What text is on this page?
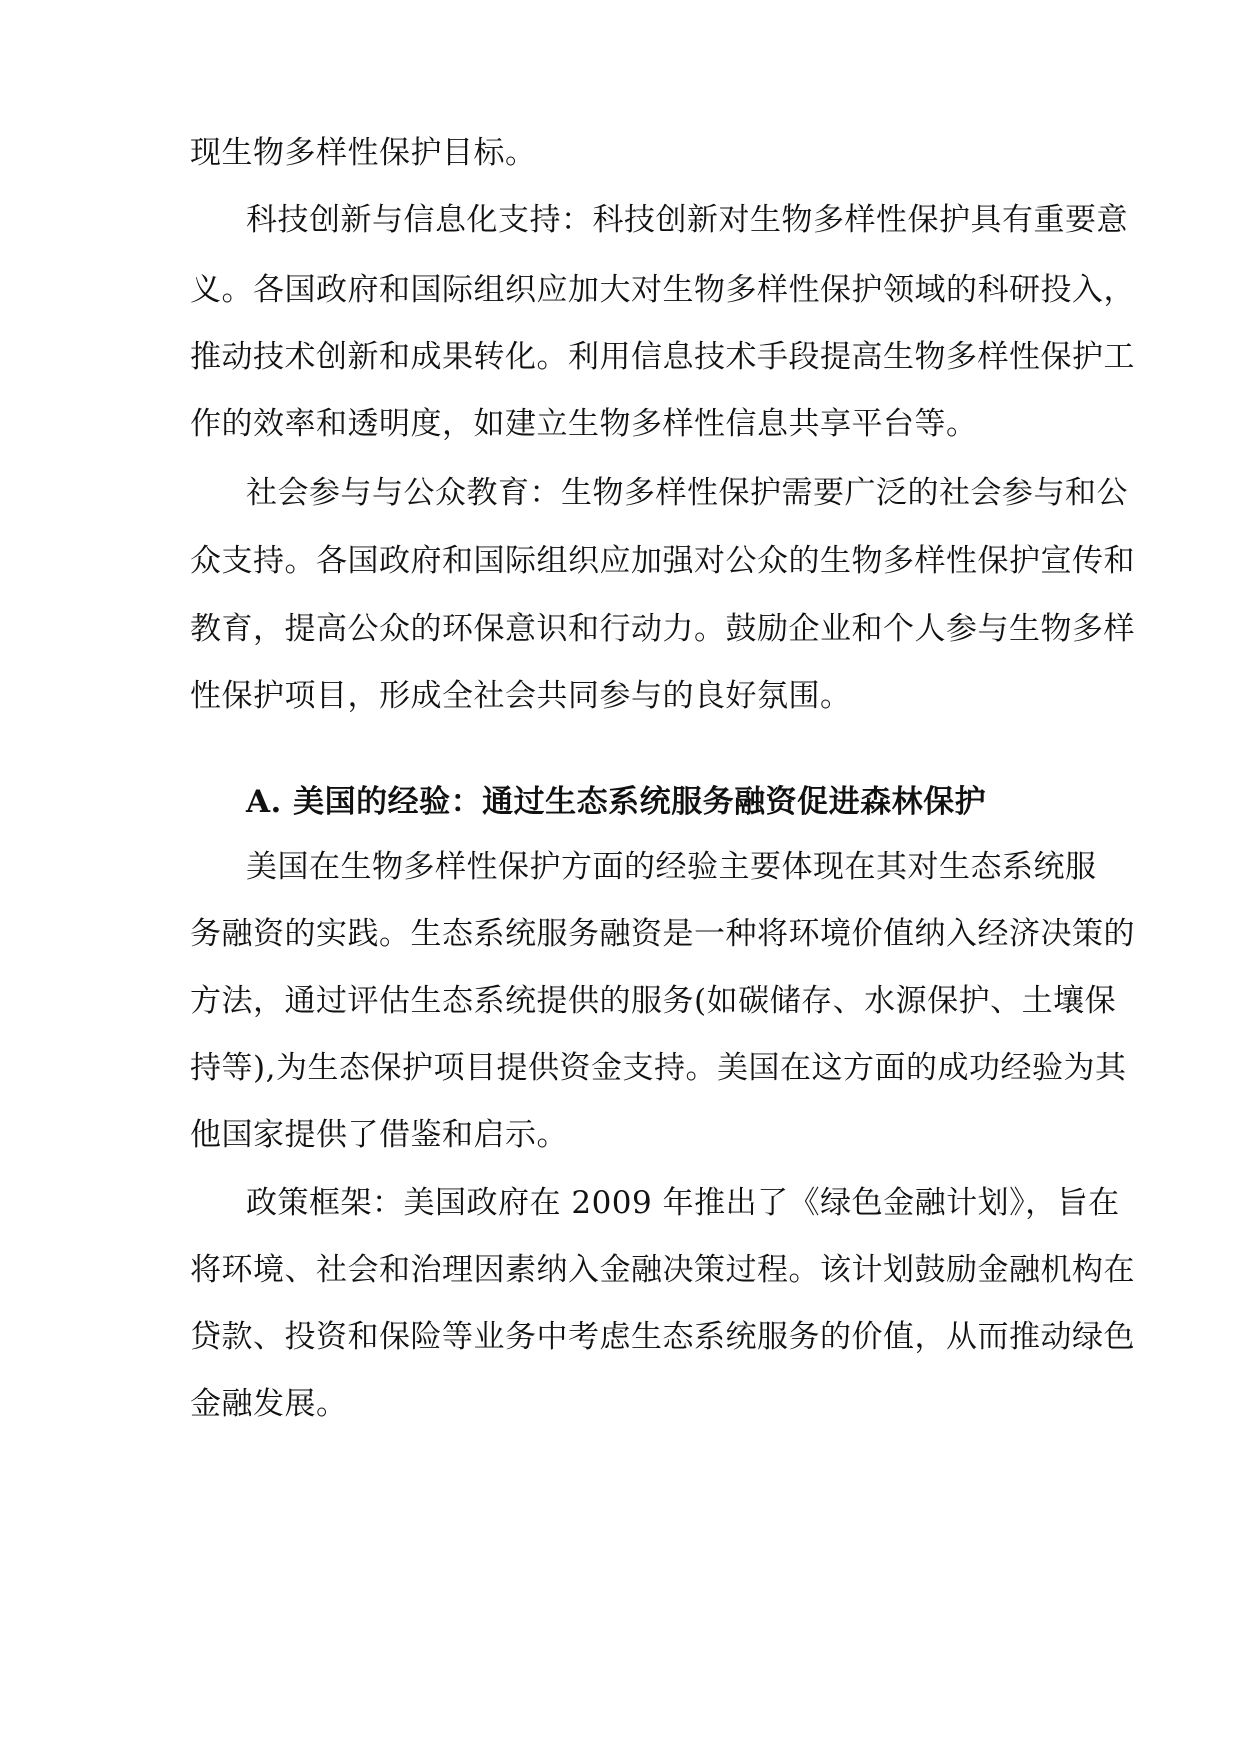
现生物多样性保护目标。
科技创新与信息化支持：科技创新对生物多样性保护具有重要意
义。各国政府和国际组织应加大对生物多样性保护领域的科研投入，
推动技术创新和成果转化。利用信息技术手段提高生物多样性保护工
作的效率和透明度，如建立生物多样性信息共享平台等。
社会参与与公众教育：生物多样性保护需要广泛的社会参与和公
众支持。各国政府和国际组织应加强对公众的生物多样性保护宣传和
教育，提高公众的环保意识和行动力。鼓励企业和个人参与生物多样
性保护项目，形成全社会共同参与的良好氛围。
A. 美国的经验：通过生态系统服务融资促进森林保护
美国在生物多样性保护方面的经验主要体现在其对生态系统服
务融资的实践。生态系统服务融资是一种将环境价值纳入经济决策的
方法，通过评估生态系统提供的服务(如碳储存、水源保护、土壤保
持等),为生态保护项目提供资金支持。美国在这方面的成功经验为其
他国家提供了借鉴和启示。
政策框架：美国政府在 2009 年推出了《绿色金融计划》，旨在
将环境、社会和治理因素纳入金融决策过程。该计划鼓励金融机构在
贷款、投资和保险等业务中考虑生态系统服务的价值，从而推动绿色
金融发展。
